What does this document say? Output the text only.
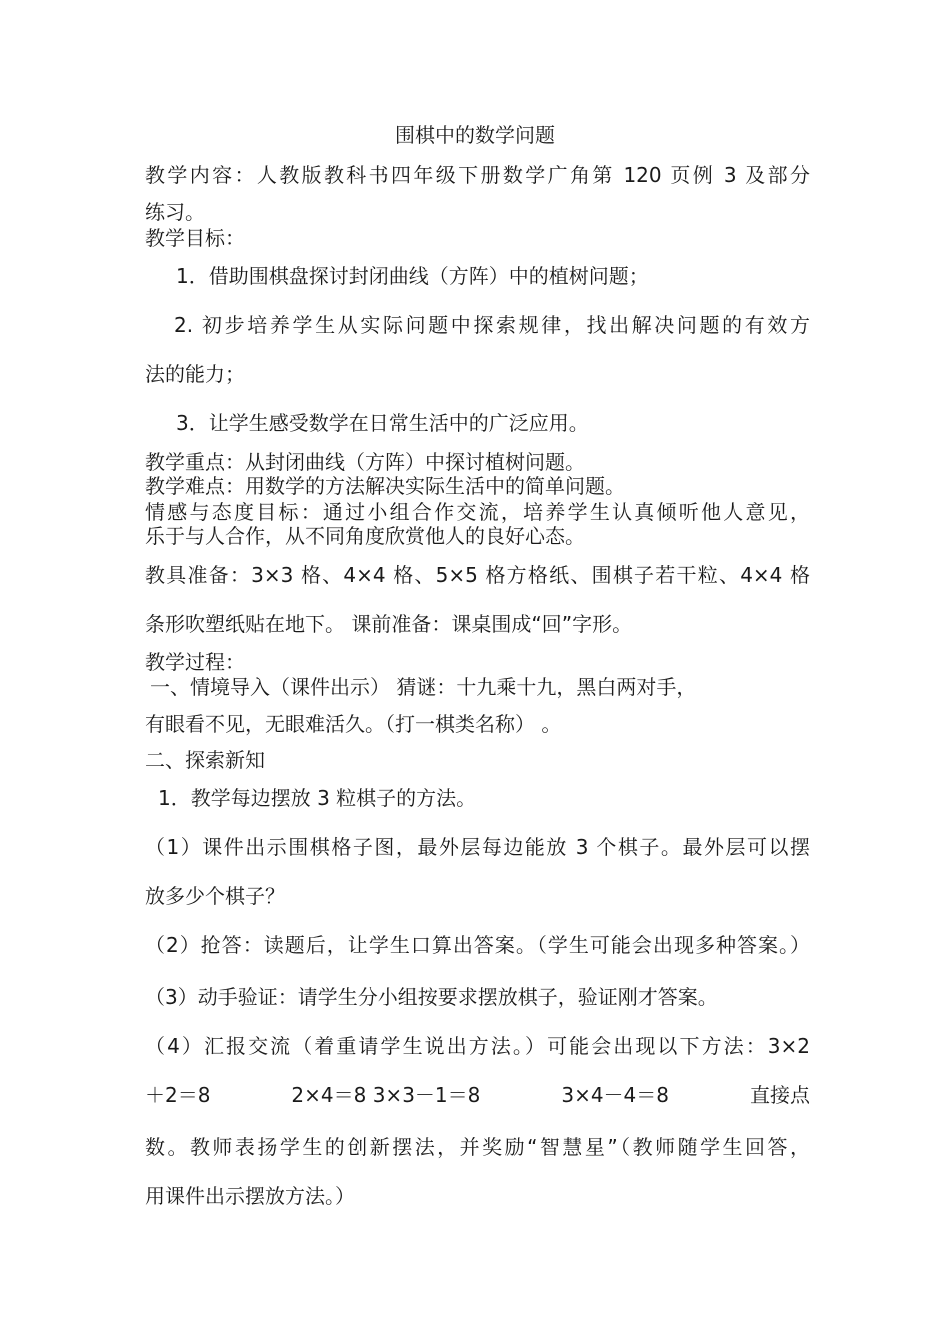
围棋中的数学问题

教学内容：人教版教科书四年级下册数学广角第 120 页例 3 及部分

练习。

教学目标：

1．借助围棋盘探讨封闭曲线（方阵）中的植树问题；

2. 初步培养学生从实际问题中探索规律，找出解决问题的有效方

法的能力；

3．让学生感受数学在日常生活中的广泛应用。

教学重点：从封闭曲线（方阵）中探讨植树问题。

教学难点：用数学的方法解决实际生活中的简单问题。

情感与态度目标：通过小组合作交流，培养学生认真倾听他人意见，

乐于与人合作，从不同角度欣赏他人的良好心态。

教具准备：3×3 格、4×4 格、5×5 格方格纸、围棋子若干粒、4×4 格

条形吹塑纸贴在地下。 课前准备：课桌围成“回”字形。

教学过程：

一、情境导入（课件出示） 猜谜：十九乘十九，黑白两对手，

有眼看不见，无眼难活久。（打一棋类名称） 。

二、探索新知

1．教学每边摆放 3 粒棋子的方法。

（1）课件出示围棋格子图，最外层每边能放 3 个棋子。最外层可以摆

放多少个棋子？

（2）抢答：读题后，让学生口算出答案。（学生可能会出现多种答案。）

（3）动手验证：请学生分小组按要求摆放棋子，验证刚才答案。

（4）汇报交流（着重请学生说出方法。）可能会出现以下方法：3×2

＋2＝8	2×4＝8 3×3－1＝8	3×4－4＝8	直接点

数。教师表扬学生的创新摆法，并奖励“智慧星”（教师随学生回答，

用课件出示摆放方法。）
